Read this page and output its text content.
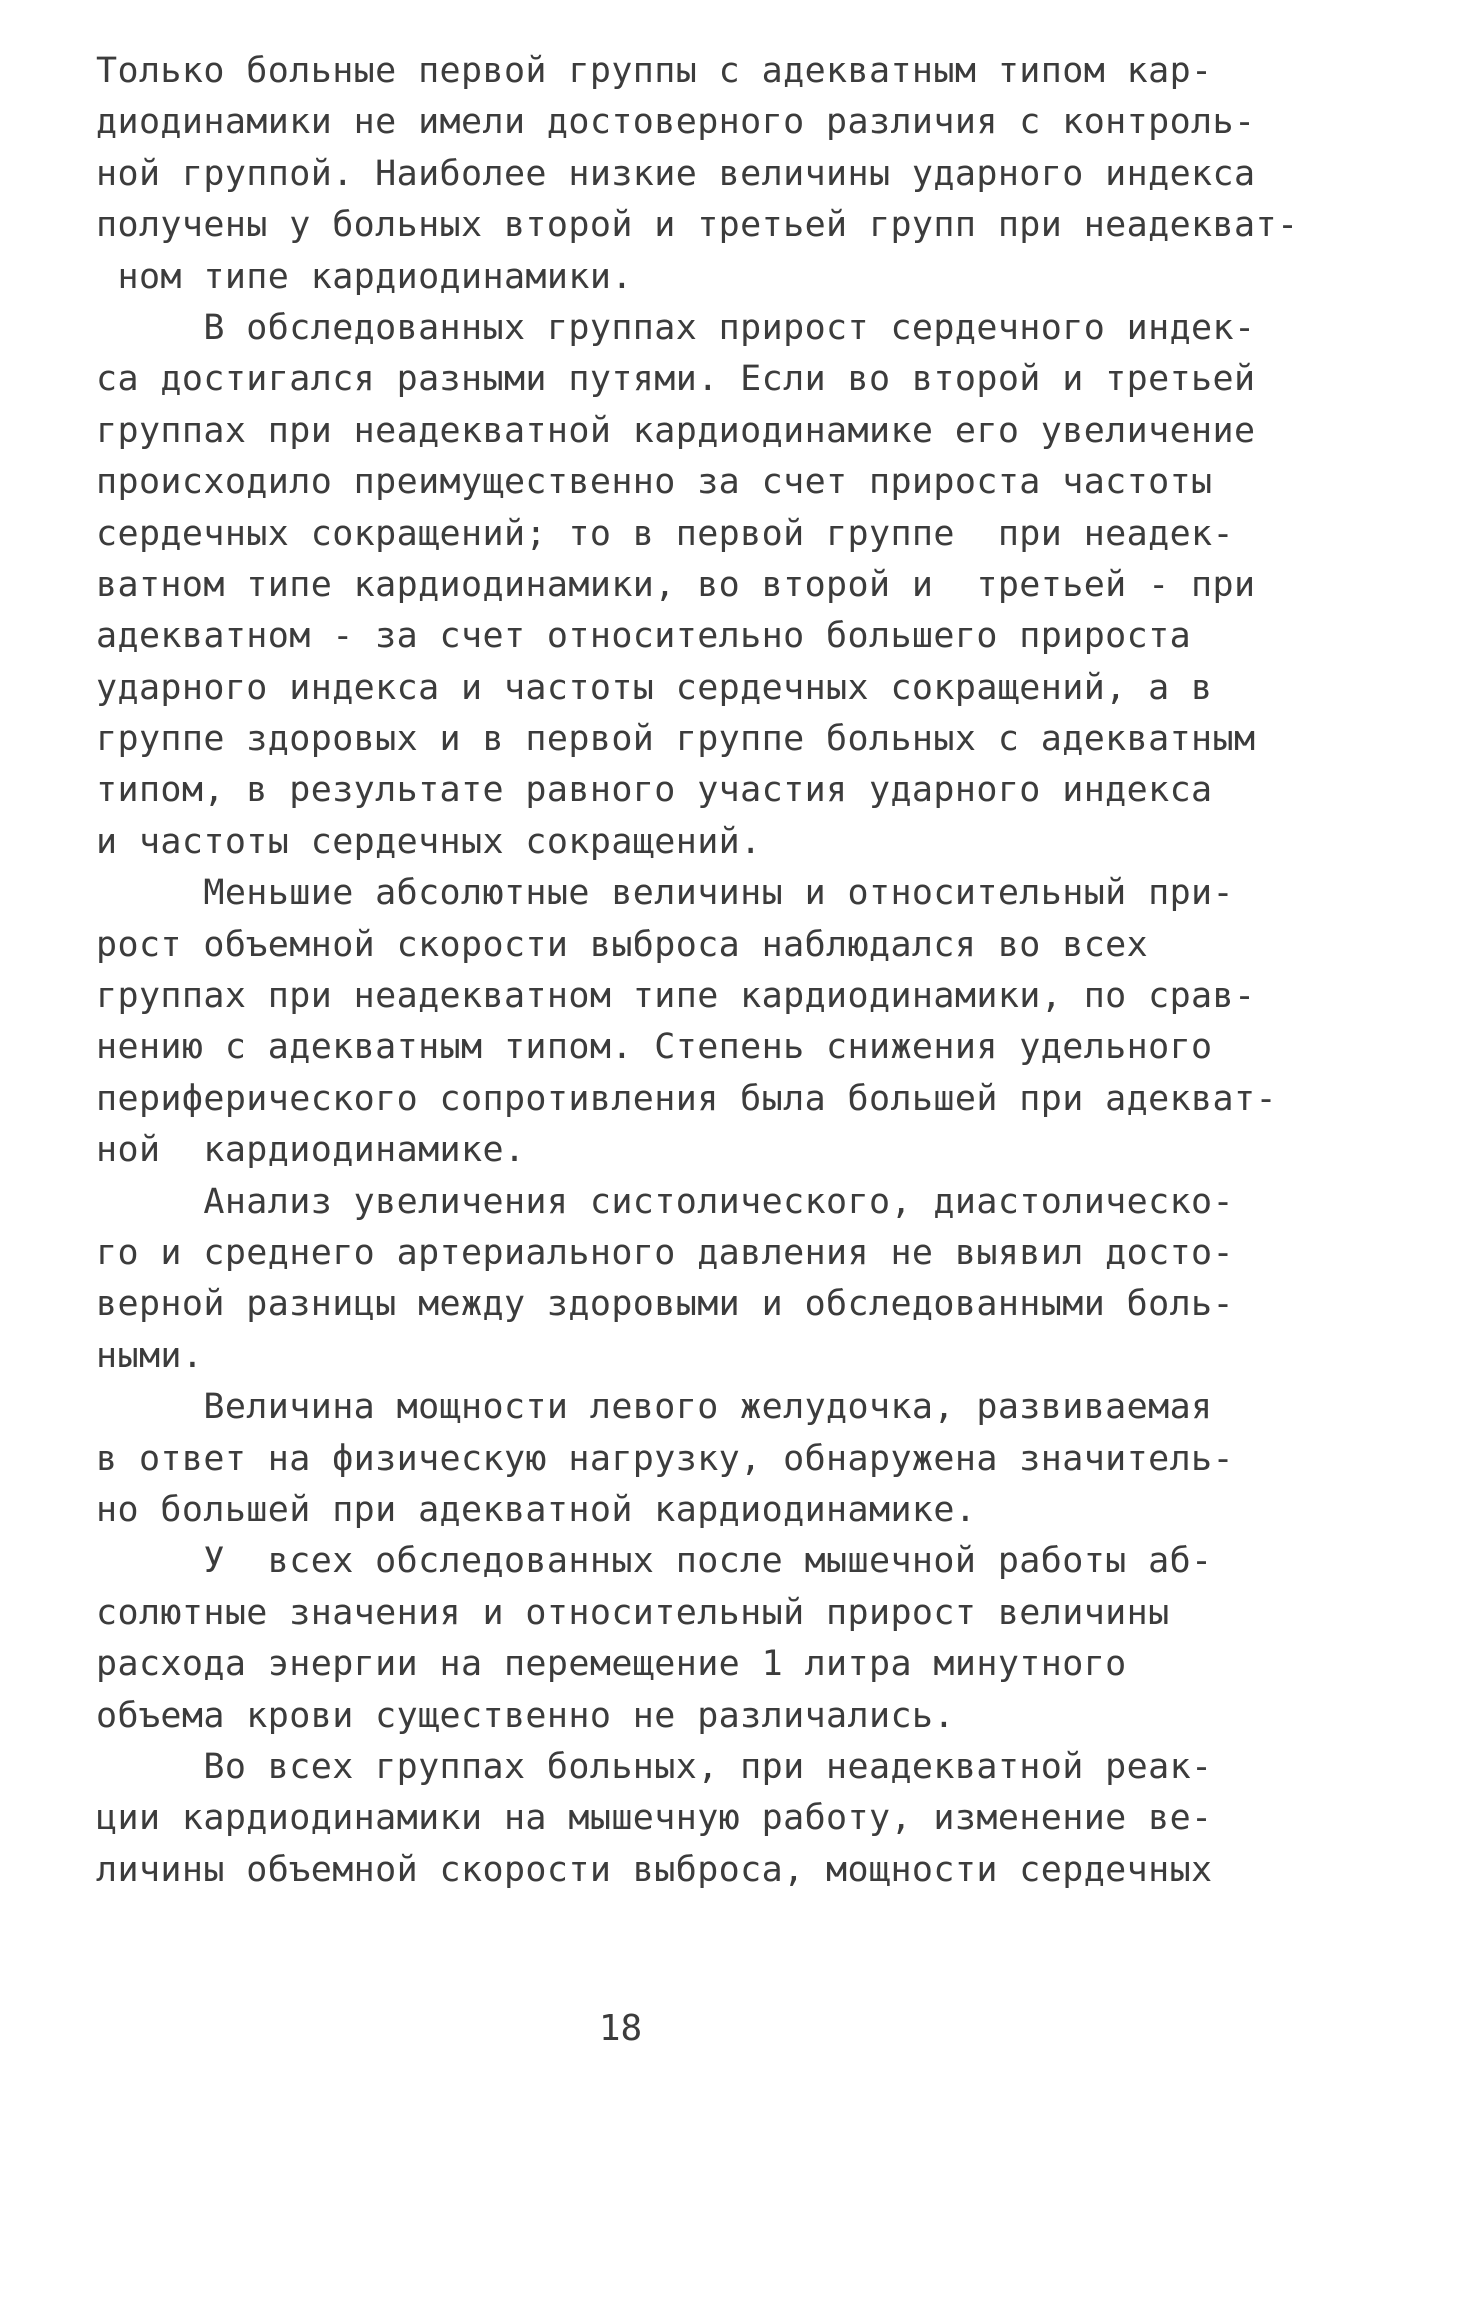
Только больные первой группы с адекватным типом кар-
диодинамики не имели достоверного различия с контроль-
ной группой. Наиболее низкие величины ударного индекса
получены у больных второй и третьей групп при неадекват-
ном типе кардиодинамики.
В обследованных группах прирост сердечного индек-
са достигался разными путями. Если во второй и третьей
группах при неадекватной кардиодинамике его увеличение
происходило преимущественно за счет прироста частоты
сердечных сокращений; то в первой группе  при неадек-
ватном типе кардиодинамики, во второй и  третьей - при
адекватном - за счет относительно большего прироста
ударного индекса и частоты сердечных сокращений, а в
группе здоровых и в первой группе больных с адекватным
типом, в результате равного участия ударного индекса
и частоты сердечных сокращений.
Меньшие абсолютные величины и относительный при-
рост объемной скорости выброса наблюдался во всех
группах при неадекватном типе кардиодинамики, по срав-
нению с адекватным типом. Степень снижения удельного
периферического сопротивления была большей при адекват-
ной  кардиодинамике.
Анализ увеличения систолического, диастолическо-
го и среднего артериального давления не выявил досто-
верной разницы между здоровыми и обследованными боль-
ными.
Величина мощности левого желудочка, развиваемая
в ответ на физическую нагрузку, обнаружена значитель-
но большей при адекватной кардиодинамике.
У  всех обследованных после мышечной работы аб-
солютные значения и относительный прирост величины
расхода энергии на перемещение 1 литра минутного
объема крови существенно не различались.
Во всех группах больных, при неадекватной реак-
ции кардиодинамики на мышечную работу, изменение ве-
личины объемной скорости выброса, мощности сердечных
18
